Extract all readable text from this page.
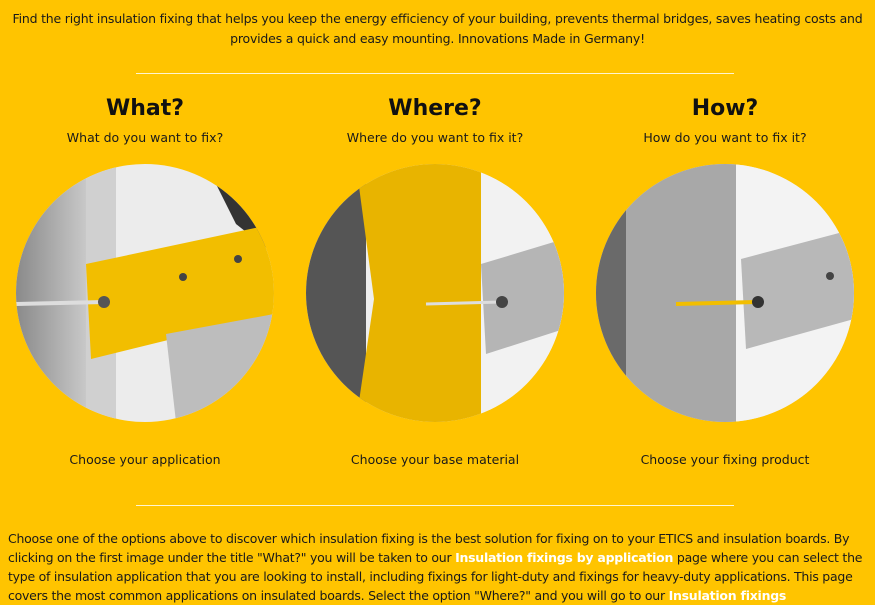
Find the right insulation fixing that helps you keep the energy efficiency of your building, prevents thermal bridges, saves heating costs and provides a quick and easy mounting. Innovations Made in Germany!
What?
What do you want to fix?
Choose your application
Where?
Where do you want to fix it?
Choose your base material
How?
How do you want to fix it?
Choose your fixing product
Choose one of the options above to discover which insulation fixing is the best solution for fixing on to your ETICS and insulation boards. By clicking on the first image under the title "What?" you will be taken to our Insulation fixings by application page where you can select the type of insulation application that you are looking to install, including fixings for light-duty and fixings for heavy-duty applications. This page covers the most common applications on insulated boards. Select the option "Where?" and you will go to our Insulation fixings
